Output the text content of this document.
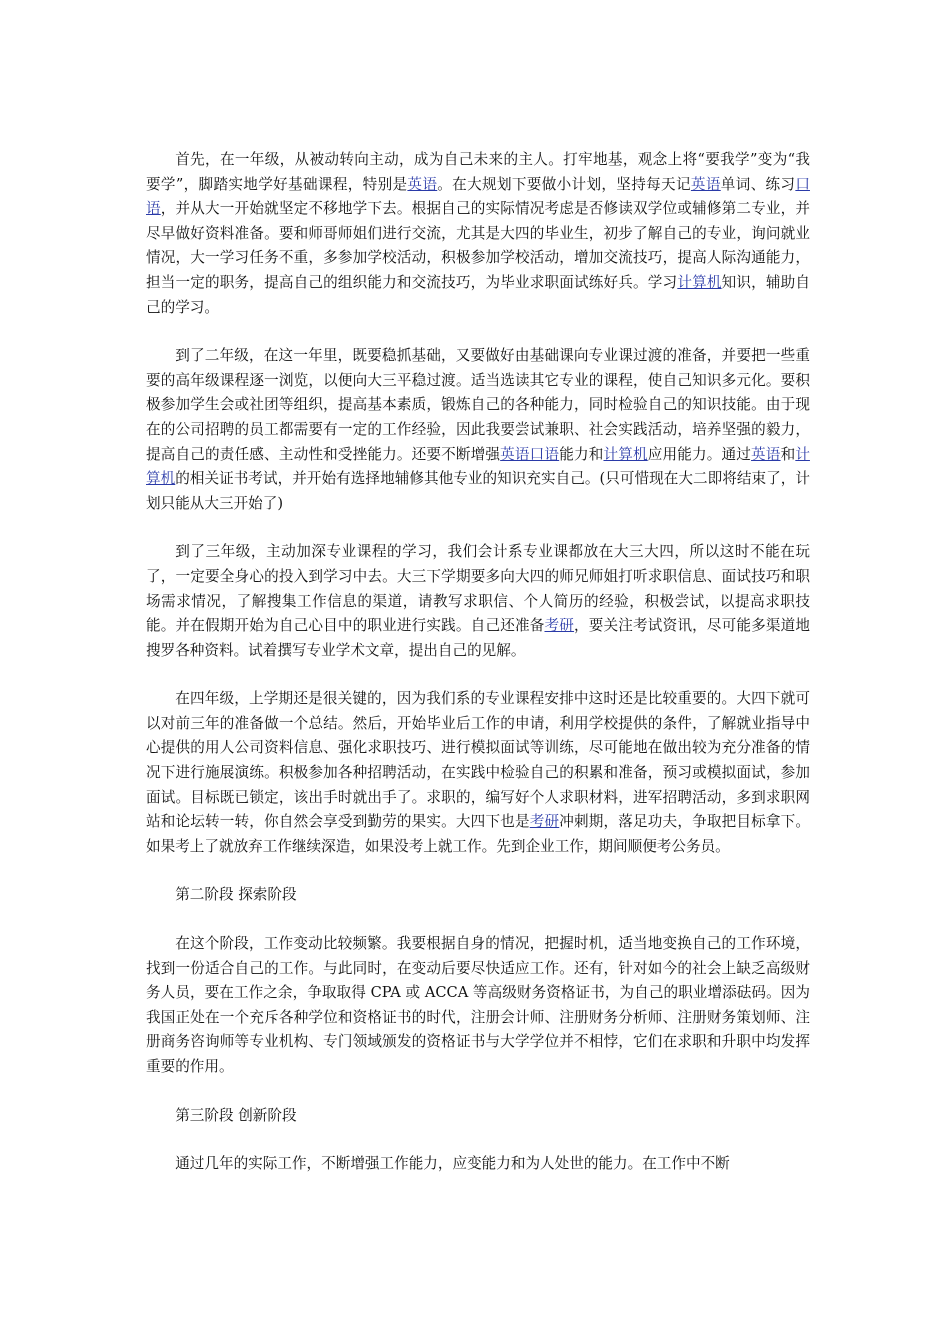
首先，在一年级，从被动转向主动，成为自己未来的主人。打牢地基，观念上将“要我学”变为“我要学”，脚踏实地学好基础课程，特别是英语。在大规划下要做小计划，坚持每天记英语单词、练习口语，并从大一开始就坚定不移地学下去。根据自己的实际情况考虑是否修读双学位或辅修第二专业，并尽早做好资料准备。要和师哥师姐们进行交流，尤其是大四的毕业生，初步了解自己的专业，询问就业情况，大一学习任务不重，多参加学校活动，积极参加学校活动，增加交流技巧，提高人际沟通能力，担当一定的职务，提高自己的组织能力和交流技巧，为毕业求职面试练好兵。学习计算机知识，辅助自己的学习。

到了二年级，在这一年里，既要稳抓基础，又要做好由基础课向专业课过渡的准备，并要把一些重要的高年级课程逐一浏览，以便向大三平稳过渡。适当选读其它专业的课程，使自己知识多元化。要积极参加学生会或社团等组织，提高基本素质，锻炼自己的各种能力，同时检验自己的知识技能。由于现在的公司招聘的员工都需要有一定的工作经验，因此我要尝试兼职、社会实践活动，培养坚强的毅力，提高自己的责任感、主动性和受挫能力。还要不断增强英语口语能力和计算机应用能力。通过英语和计算机的相关证书考试，并开始有选择地辅修其他专业的知识充实自己。(只可惜现在大二即将结束了，计划只能从大三开始了)

到了三年级，主动加深专业课程的学习，我们会计系专业课都放在大三大四，所以这时不能在玩了，一定要全身心的投入到学习中去。大三下学期要多向大四的师兄师姐打听求职信息、面试技巧和职场需求情况，了解搜集工作信息的渠道，请教写求职信、个人简历的经验，积极尝试，以提高求职技能。并在假期开始为自己心目中的职业进行实践。自己还准备考研，要关注考试资讯，尽可能多渠道地搜罗各种资料。试着撰写专业学术文章，提出自己的见解。

在四年级，上学期还是很关键的，因为我们系的专业课程安排中这时还是比较重要的。大四下就可以对前三年的准备做一个总结。然后，开始毕业后工作的申请，利用学校提供的条件，了解就业指导中心提供的用人公司资料信息、强化求职技巧、进行模拟面试等训练，尽可能地在做出较为充分准备的情况下进行施展演练。积极参加各种招聘活动，在实践中检验自己的积累和准备，预习或模拟面试，参加面试。目标既已锁定，该出手时就出手了。求职的，编写好个人求职材料，进军招聘活动，多到求职网站和论坛转一转，你自然会享受到勤劳的果实。大四下也是考研冲刺期，落足功夫，争取把目标拿下。如果考上了就放弃工作继续深造，如果没考上就工作。先到企业工作，期间顺便考公务员。

第二阶段 探索阶段

在这个阶段，工作变动比较频繁。我要根据自身的情况，把握时机，适当地变换自己的工作环境，找到一份适合自己的工作。与此同时，在变动后要尽快适应工作。还有，针对如今的社会上缺乏高级财务人员，要在工作之余，争取取得 CPA 或 ACCA 等高级财务资格证书，为自己的职业增添砝码。因为我国正处在一个充斥各种学位和资格证书的时代，注册会计师、注册财务分析师、注册财务策划师、注册商务咨询师等专业机构、专门领域颁发的资格证书与大学学位并不相悖，它们在求职和升职中均发挥重要的作用。

第三阶段 创新阶段

通过几年的实际工作，不断增强工作能力，应变能力和为人处世的能力。在工作中不断
